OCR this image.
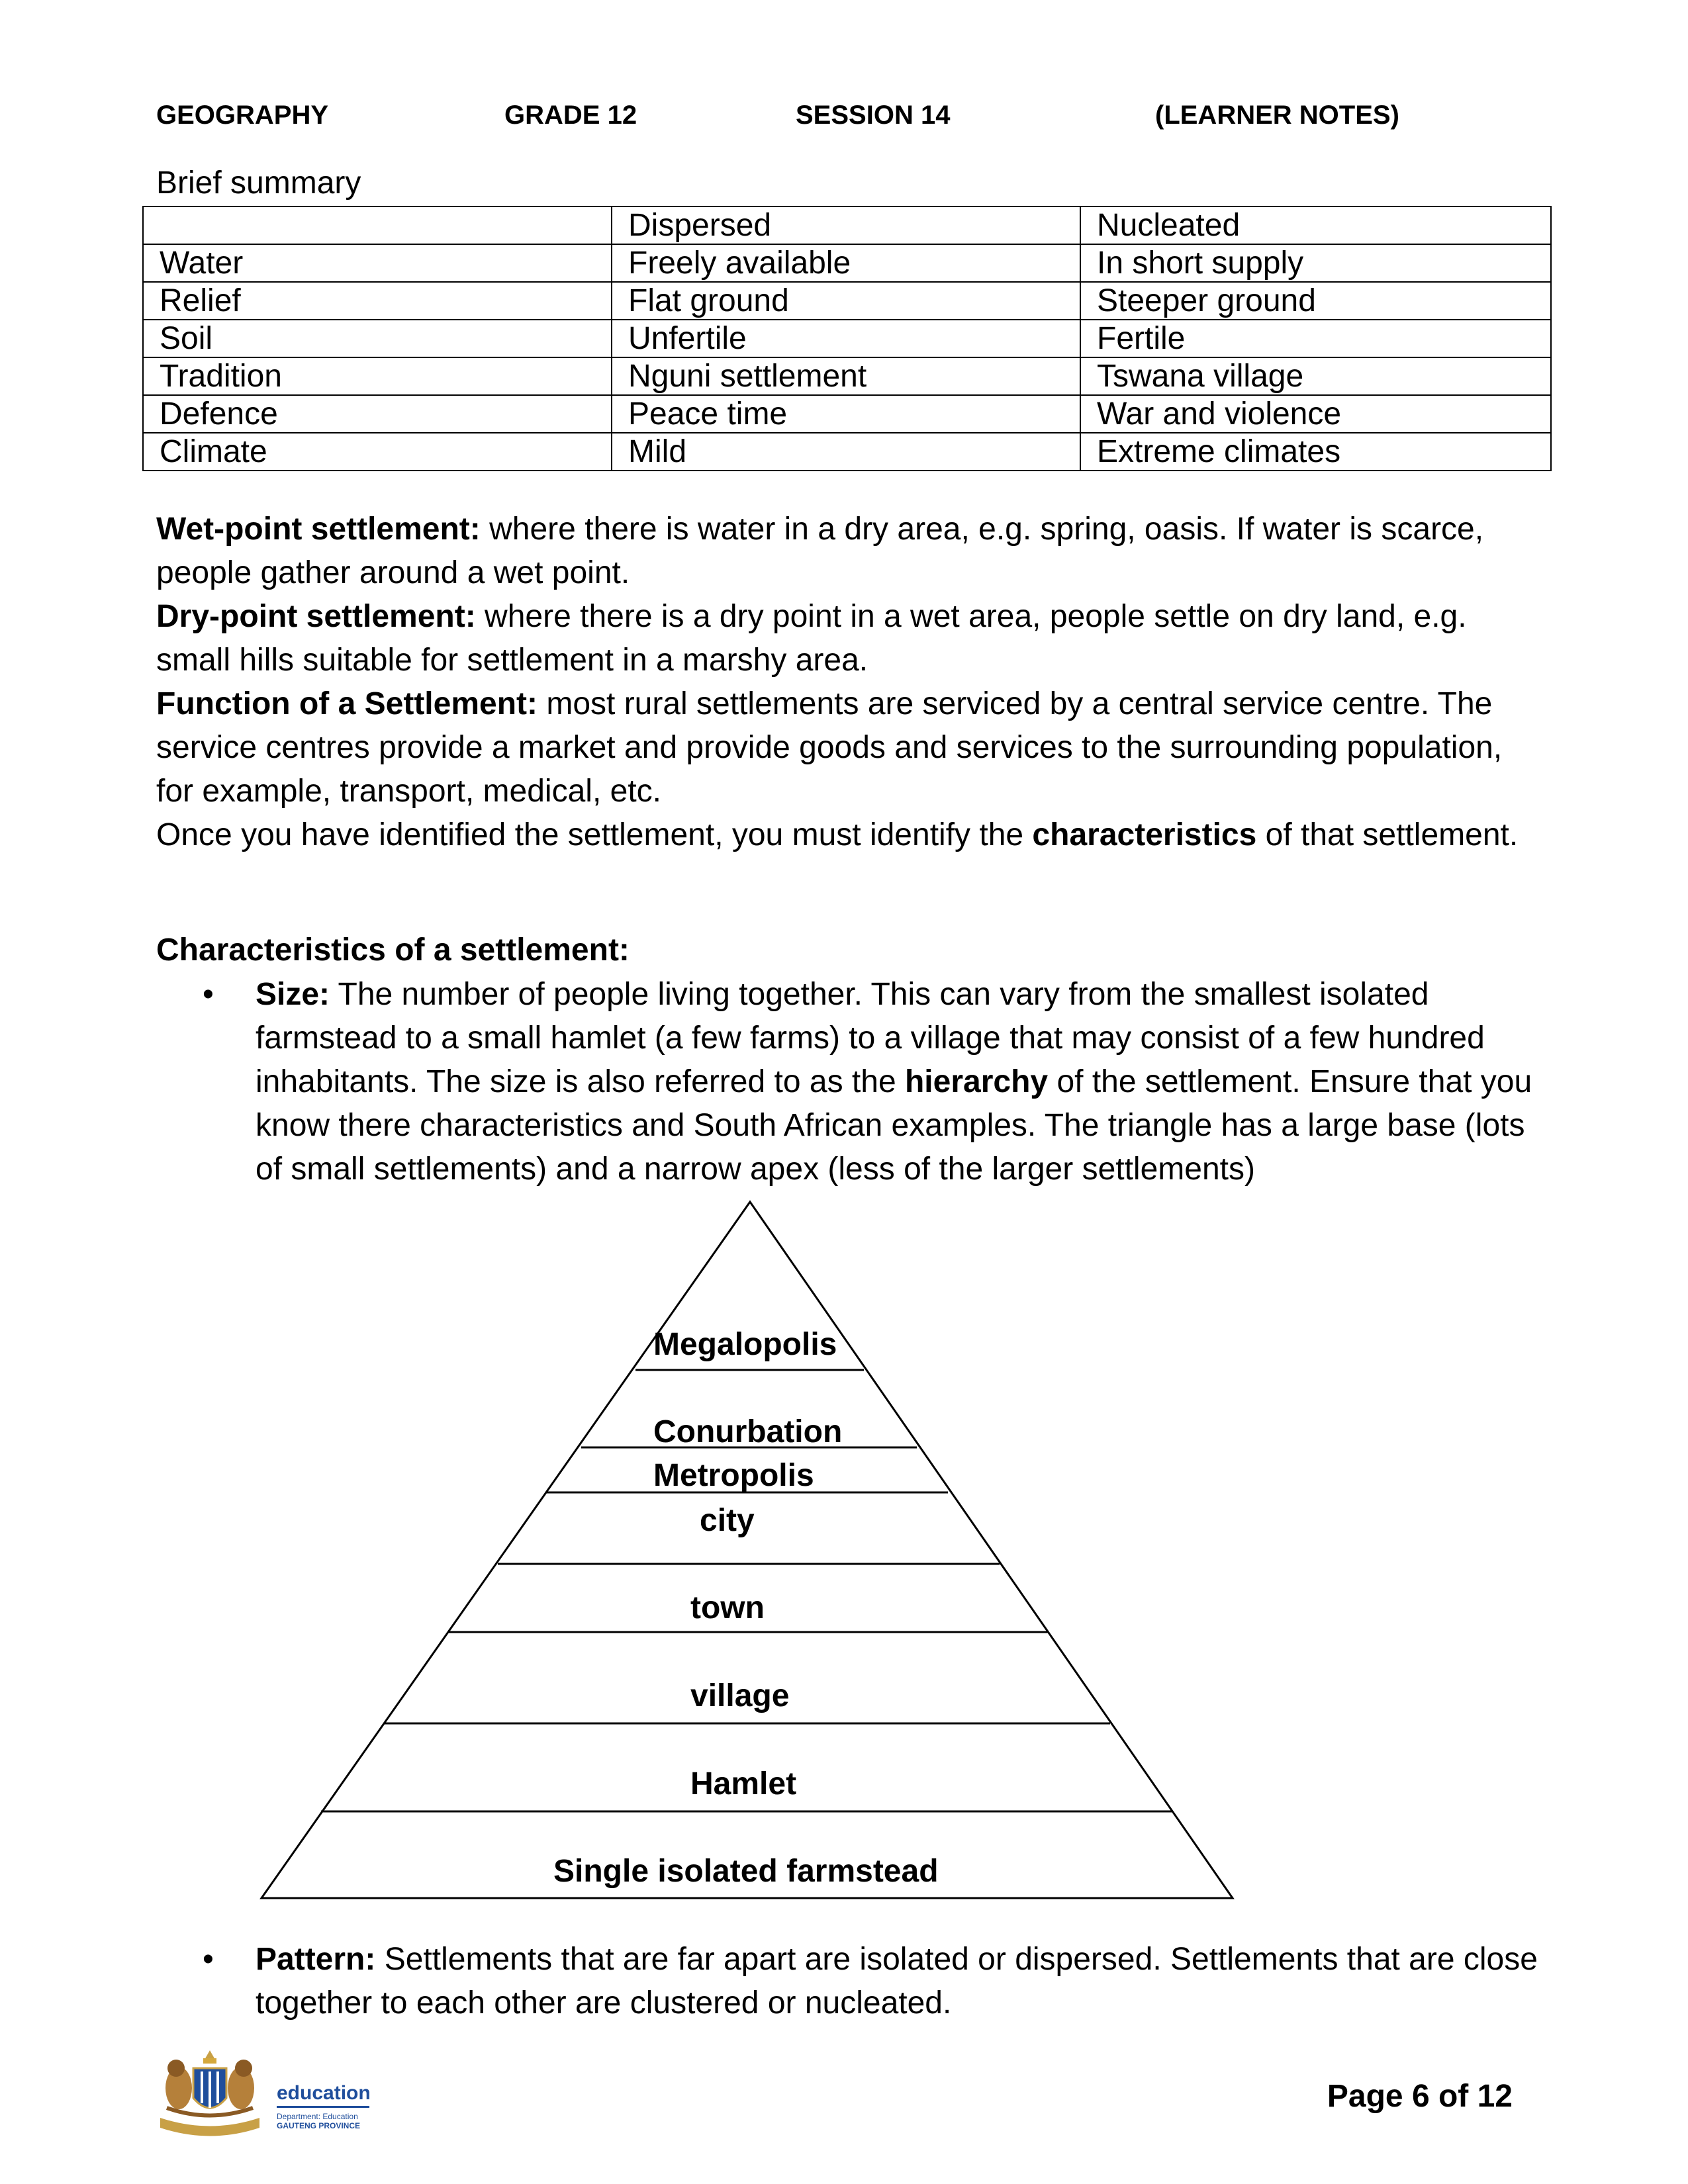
GEOGRAPHY	GRADE 12	SESSION 14	(LEARNER NOTES)
Brief summary
	Dispersed	Nucleated
Water	Freely available	In short supply
Relief	Flat ground	Steeper ground
Soil	Unfertile	Fertile
Tradition	Nguni settlement	Tswana village
Defence	Peace time	War and violence
Climate	Mild	Extreme climates

Wet-point settlement: where there is water in a dry area, e.g. spring, oasis. If water is scarce, people gather around a wet point.

Dry-point settlement: where there is a dry point in a wet area, people settle on dry land, e.g. small hills suitable for settlement in a marshy area.

Function of a Settlement: most rural settlements are serviced by a central service centre. The service centres provide a market and provide goods and services to the surrounding population, for example, transport, medical, etc.

Once you have identified the settlement, you must identify the characteristics of that settlement.

Characteristics of a settlement:
• Size: The number of people living together. This can vary from the smallest isolated farmstead to a small hamlet (a few farms) to a village that may consist of a few hundred inhabitants. The size is also referred to as the hierarchy of the settlement. Ensure that you know there characteristics and South African examples. The triangle has a large base (lots of small settlements) and a narrow apex (less of the larger settlements)

Megalopolis
Conurbation
Metropolis
city
town
village
Hamlet
Single isolated farmstead
• Pattern: Settlements that are far apart are isolated or dispersed. Settlements that are close together to each other are clustered or nucleated.

education
Department: Education
GAUTENG PROVINCE
Page 6 of 12
